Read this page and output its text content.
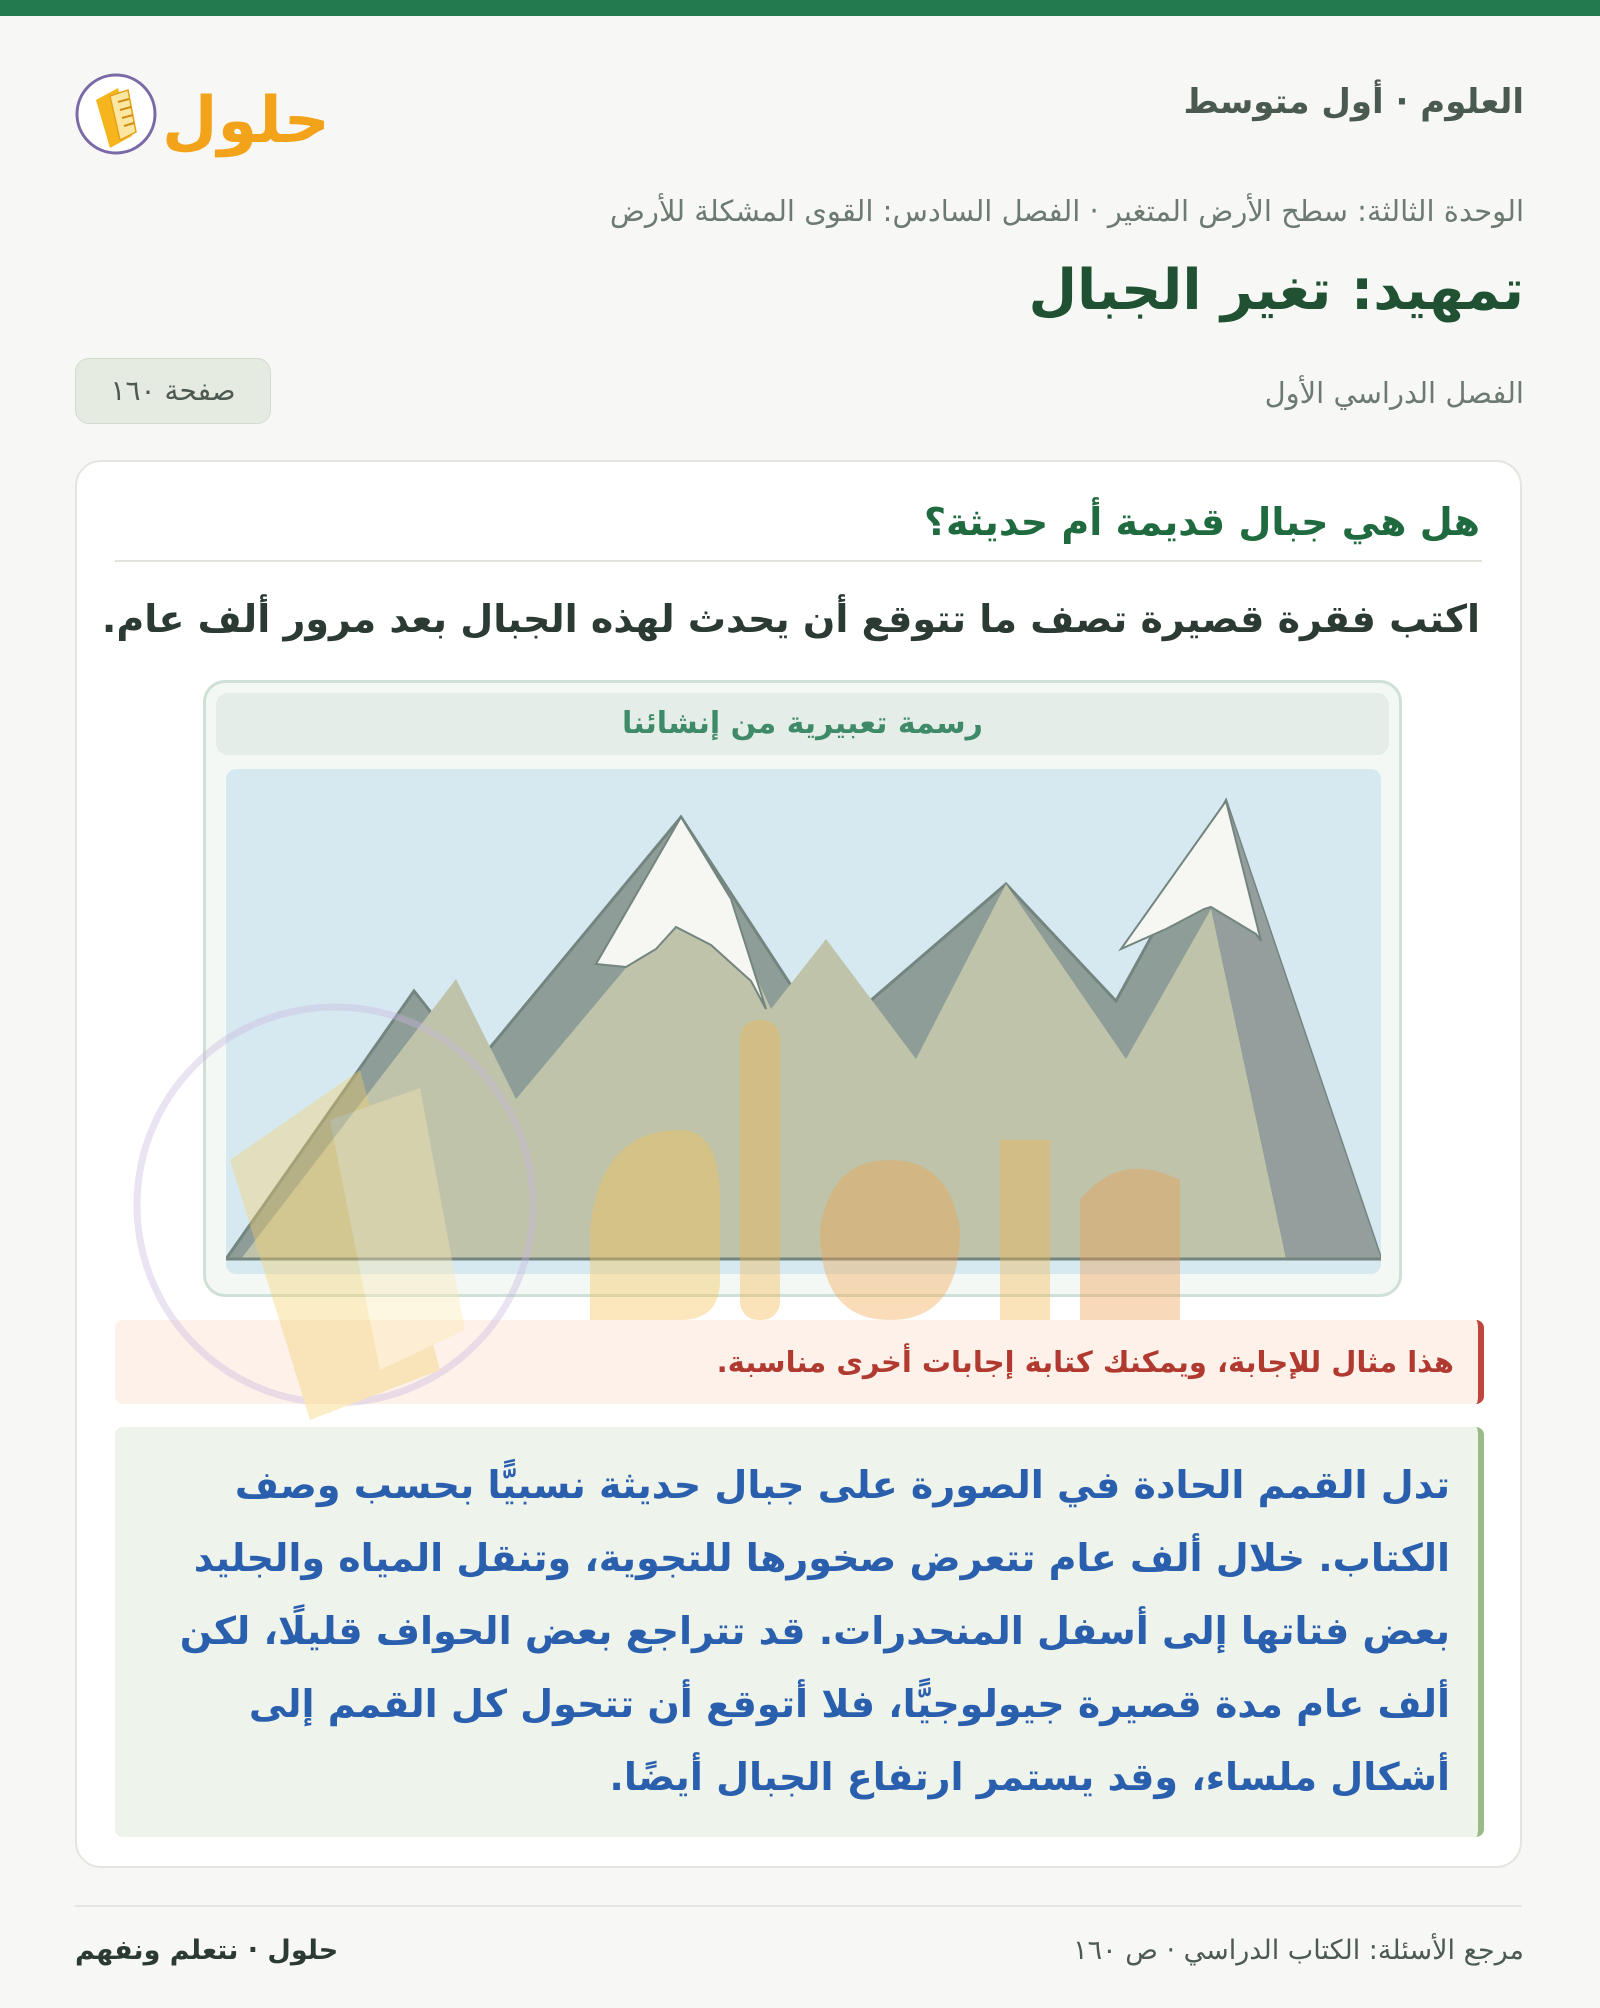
حلول	العلوم · أول متوسط
الوحدة الثالثة: سطح الأرض المتغير · الفصل السادس: القوى المشكلة للأرض
تمهيد: تغير الجبال
الفصل الدراسي الأول
صفحة ١٦٠
هل هي جبال قديمة أم حديثة؟
اكتب فقرة قصيرة تصف ما تتوقع أن يحدث لهذه الجبال بعد مرور ألف عام.
رسمة تعبيرية من إنشائنا
هذا مثال للإجابة، ويمكنك كتابة إجابات أخرى مناسبة.
تدل القمم الحادة في الصورة على جبال حديثة نسبيًّا بحسب وصف الكتاب. خلال ألف عام تتعرض صخورها للتجوية، وتنقل المياه والجليد بعض فتاتها إلى أسفل المنحدرات. قد تتراجع بعض الحواف قليلًا، لكن ألف عام مدة قصيرة جيولوجيًّا، فلا أتوقع أن تتحول كل القمم إلى أشكال ملساء، وقد يستمر ارتفاع الجبال أيضًا.
مرجع الأسئلة: الكتاب الدراسي · ص ١٦٠
حلول · نتعلم ونفهم
